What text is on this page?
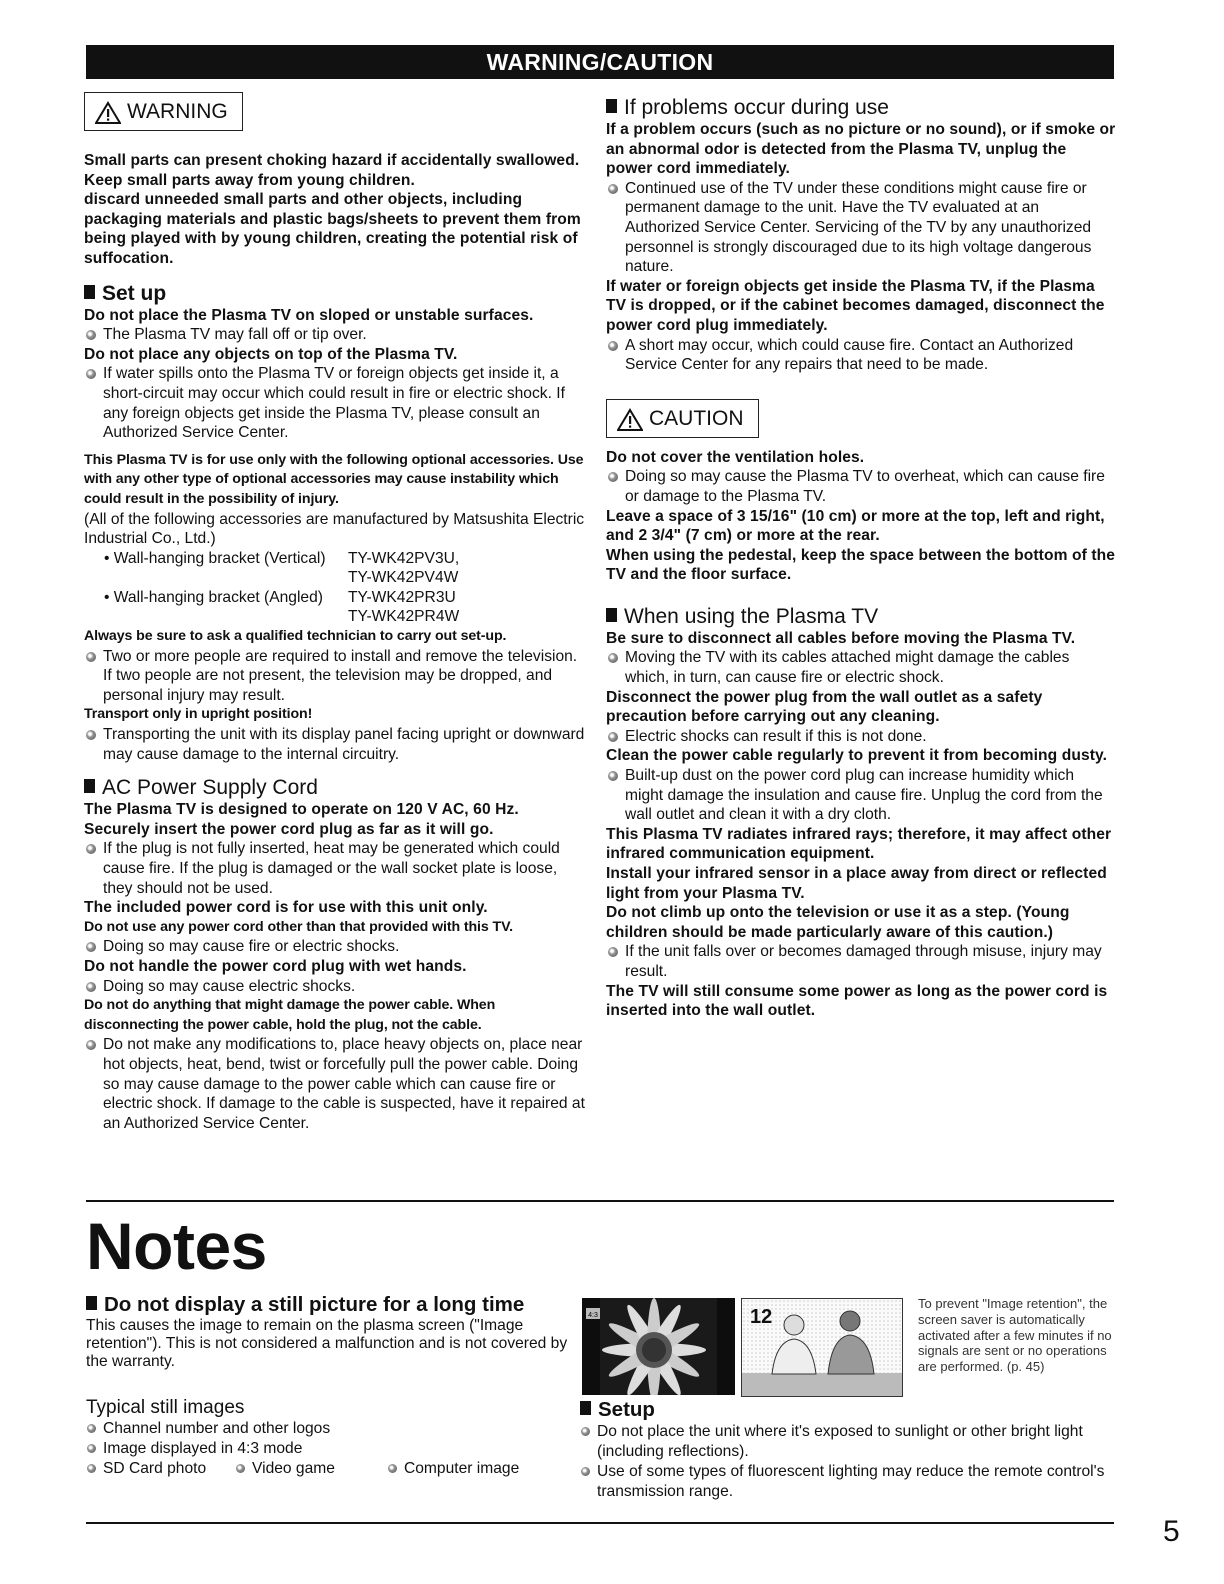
WARNING/CAUTION
WARNING
Small parts can present choking hazard if accidentally swallowed.
Keep small parts away from young children.
discard unneeded small parts and other objects, including packaging materials and plastic bags/sheets to prevent them from being played with by young children, creating the potential risk of suffocation.
Set up
Do not place the Plasma TV on sloped or unstable surfaces.
The Plasma TV may fall off or tip over.
Do not place any objects on top of the Plasma TV.
If water spills onto the Plasma TV or foreign objects get inside it, a short-circuit may occur which could result in fire or electric shock. If any foreign objects get inside the Plasma TV, please consult an Authorized Service Center.
This Plasma TV is for use only with the following optional accessories. Use with any other type of optional accessories may cause instability which could result in the possibility of injury.
(All of the following accessories are manufactured by Matsushita Electric Industrial Co., Ltd.)
• Wall-hanging bracket (Vertical) TY-WK42PV3U,
TY-WK42PV4W
• Wall-hanging bracket (Angled) TY-WK42PR3U
TY-WK42PR4W
Always be sure to ask a qualified technician to carry out set-up.
Two or more people are required to install and remove the television. If two people are not present, the television may be dropped, and personal injury may result.
Transport only in upright position!
Transporting the unit with its display panel facing upright or downward may cause damage to the internal circuitry.
AC Power Supply Cord
The Plasma TV is designed to operate on 120 V AC, 60 Hz.
Securely insert the power cord plug as far as it will go.
If the plug is not fully inserted, heat may be generated which could cause fire. If the plug is damaged or the wall socket plate is loose, they should not be used.
The included power cord is for use with this unit only.
Do not use any power cord other than that provided with this TV.
Doing so may cause fire or electric shocks.
Do not handle the power cord plug with wet hands.
Doing so may cause electric shocks.
Do not do anything that might damage the power cable. When disconnecting the power cable, hold the plug, not the cable.
Do not make any modifications to, place heavy objects on, place near hot objects, heat, bend, twist or forcefully pull the power cable. Doing so may cause damage to the power cable which can cause fire or electric shock. If damage to the cable is suspected, have it repaired at an Authorized Service Center.
If problems occur during use
If a problem occurs (such as no picture or no sound), or if smoke or an abnormal odor is detected from the Plasma TV, unplug the power cord immediately.
Continued use of the TV under these conditions might cause fire or permanent damage to the unit. Have the TV evaluated at an Authorized Service Center. Servicing of the TV by any unauthorized personnel is strongly discouraged due to its high voltage dangerous nature.
If water or foreign objects get inside the Plasma TV, if the Plasma TV is dropped, or if the cabinet becomes damaged, disconnect the power cord plug immediately.
A short may occur, which could cause fire. Contact an Authorized Service Center for any repairs that need to be made.
CAUTION
Do not cover the ventilation holes.
Doing so may cause the Plasma TV to overheat, which can cause fire or damage to the Plasma TV.
Leave a space of 3 15/16" (10 cm) or more at the top, left and right, and 2 3/4" (7 cm) or more at the rear.
When using the pedestal, keep the space between the bottom of the TV and the floor surface.
When using the Plasma TV
Be sure to disconnect all cables before moving the Plasma TV.
Moving the TV with its cables attached might damage the cables which, in turn, can cause fire or electric shock.
Disconnect the power plug from the wall outlet as a safety precaution before carrying out any cleaning.
Electric shocks can result if this is not done.
Clean the power cable regularly to prevent it from becoming dusty.
Built-up dust on the power cord plug can increase humidity which might damage the insulation and cause fire. Unplug the cord from the wall outlet and clean it with a dry cloth.
This Plasma TV radiates infrared rays; therefore, it may affect other infrared communication equipment.
Install your infrared sensor in a place away from direct or reflected light from your Plasma TV.
Do not climb up onto the television or use it as a step. (Young children should be made particularly aware of this caution.)
If the unit falls over or becomes damaged through misuse, injury may result.
The TV will still consume some power as long as the power cord is inserted into the wall outlet.
Notes
Do not display a still picture for a long time
This causes the image to remain on the plasma screen ("Image retention"). This is not considered a malfunction and is not covered by the warranty.
Typical still images
Channel number and other logos
Image displayed in 4:3 mode
SD Card photo	Video game	Computer image
4:3	12
To prevent "Image retention", the screen saver is automatically activated after a few minutes if no signals are sent or no operations are performed. (p. 45)
Setup
Do not place the unit where it's exposed to sunlight or other bright light (including reflections).
Use of some types of fluorescent lighting may reduce the remote control's transmission range.
5
